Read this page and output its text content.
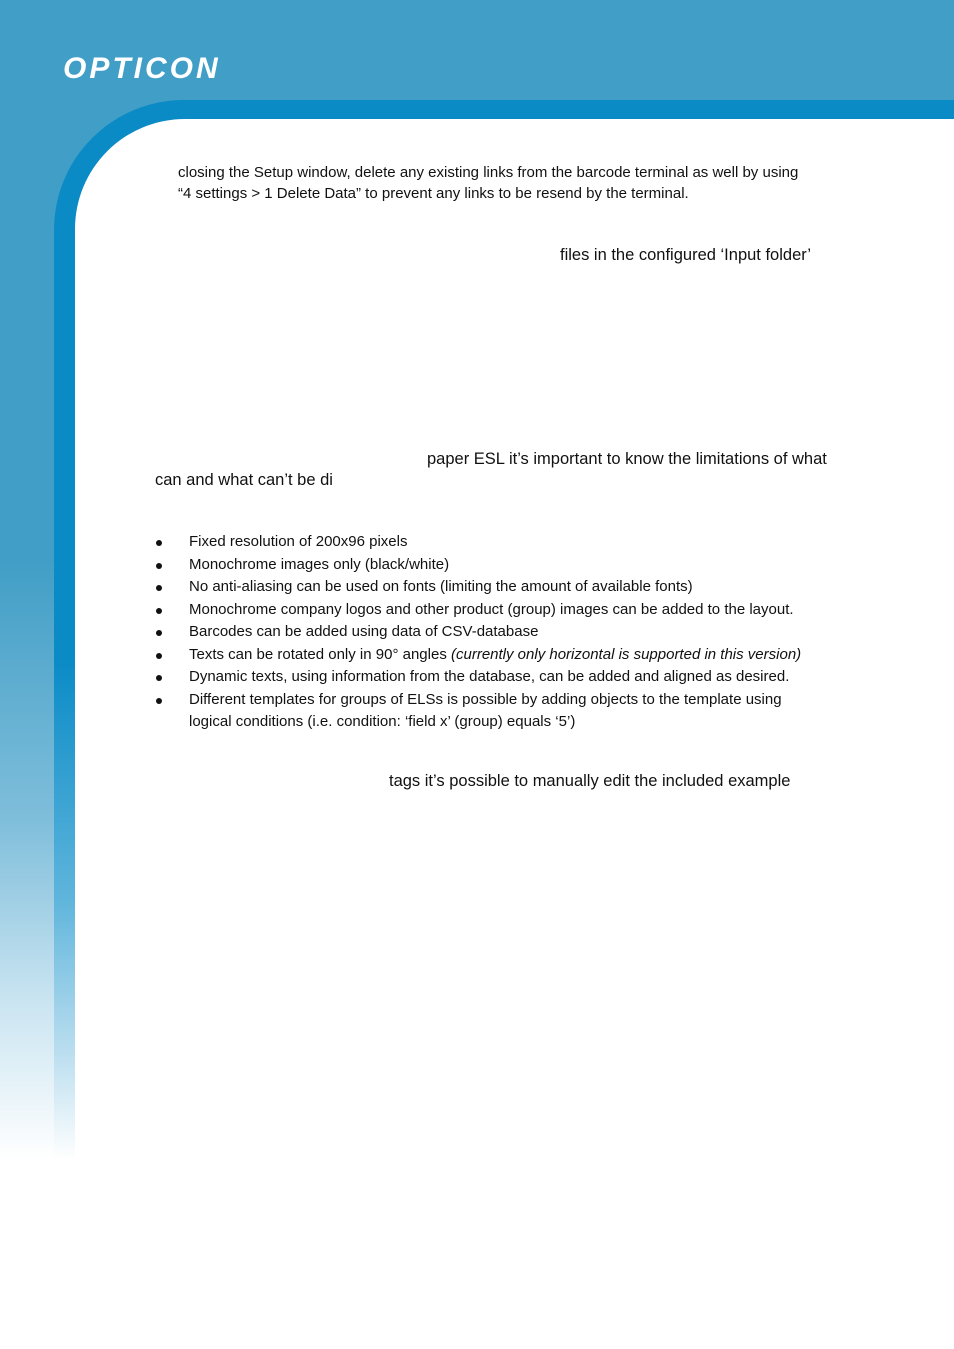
OPTICON
closing the Setup window, delete any existing links from the barcode terminal as well by using
“4 settings > 1 Delete Data” to prevent any links to be resend by the terminal.
files in the configured ‘Input folder’
paper ESL it’s important to know the limitations of what
can and what can’t be di
Fixed resolution of 200x96 pixels
Monochrome images only (black/white)
No anti-aliasing can be used on fonts (limiting the amount of available fonts)
Monochrome company logos and other product (group) images can be added to the layout.
Barcodes can be added using data of CSV-database
Texts can be rotated only in 90° angles (currently only horizontal is supported in this version)
Dynamic texts, using information from the database, can be added and aligned as desired.
Different templates for groups of ELSs is possible by adding objects to the template using
logical conditions (i.e. condition: ‘field x’ (group) equals ‘5’)
tags it’s possible to manually edit the included example
